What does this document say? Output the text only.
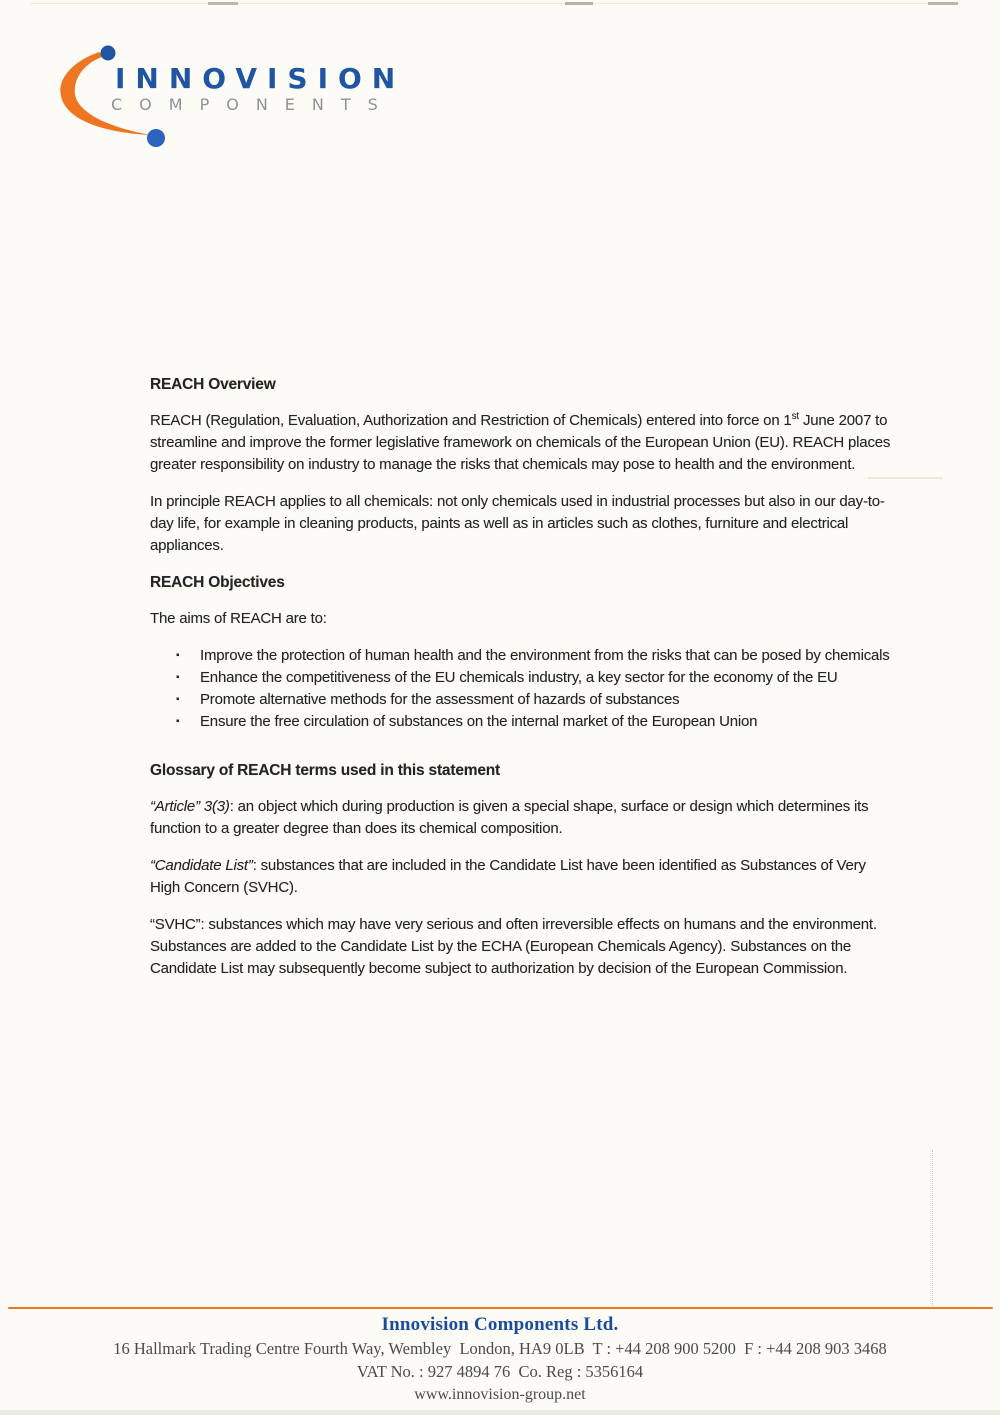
INNOVISION
COMPONENTS
REACH Overview

REACH (Regulation, Evaluation, Authorization and Restriction of Chemicals) entered into force on 1st June 2007 to streamline and improve the former legislative framework on chemicals of the European Union (EU). REACH places greater responsibility on industry to manage the risks that chemicals may pose to health and the environment.

In principle REACH applies to all chemicals: not only chemicals used in industrial processes but also in our day-to-day life, for example in cleaning products, paints as well as in articles such as clothes, furniture and electrical appliances.

REACH Objectives

The aims of REACH are to:

▪ Improve the protection of human health and the environment from the risks that can be posed by chemicals
▪ Enhance the competitiveness of the EU chemicals industry, a key sector for the economy of the EU
▪ Promote alternative methods for the assessment of hazards of substances
▪ Ensure the free circulation of substances on the internal market of the European Union
Glossary of REACH terms used in this statement

“Article” 3(3): an object which during production is given a special shape, surface or design which determines its function to a greater degree than does its chemical composition.

“Candidate List”: substances that are included in the Candidate List have been identified as Substances of Very High Concern (SVHC).

“SVHC”: substances which may have very serious and often irreversible effects on humans and the environment. Substances are added to the Candidate List by the ECHA (European Chemicals Agency). Substances on the Candidate List may subsequently become subject to authorization by decision of the European Commission.

Innovision Components Ltd.
16 Hallmark Trading Centre Fourth Way, Wembley  London, HA9 0LB  T : +44 208 900 5200  F : +44 208 903 3468
VAT No. : 927 4894 76  Co. Reg : 5356164
www.innovision-group.net
